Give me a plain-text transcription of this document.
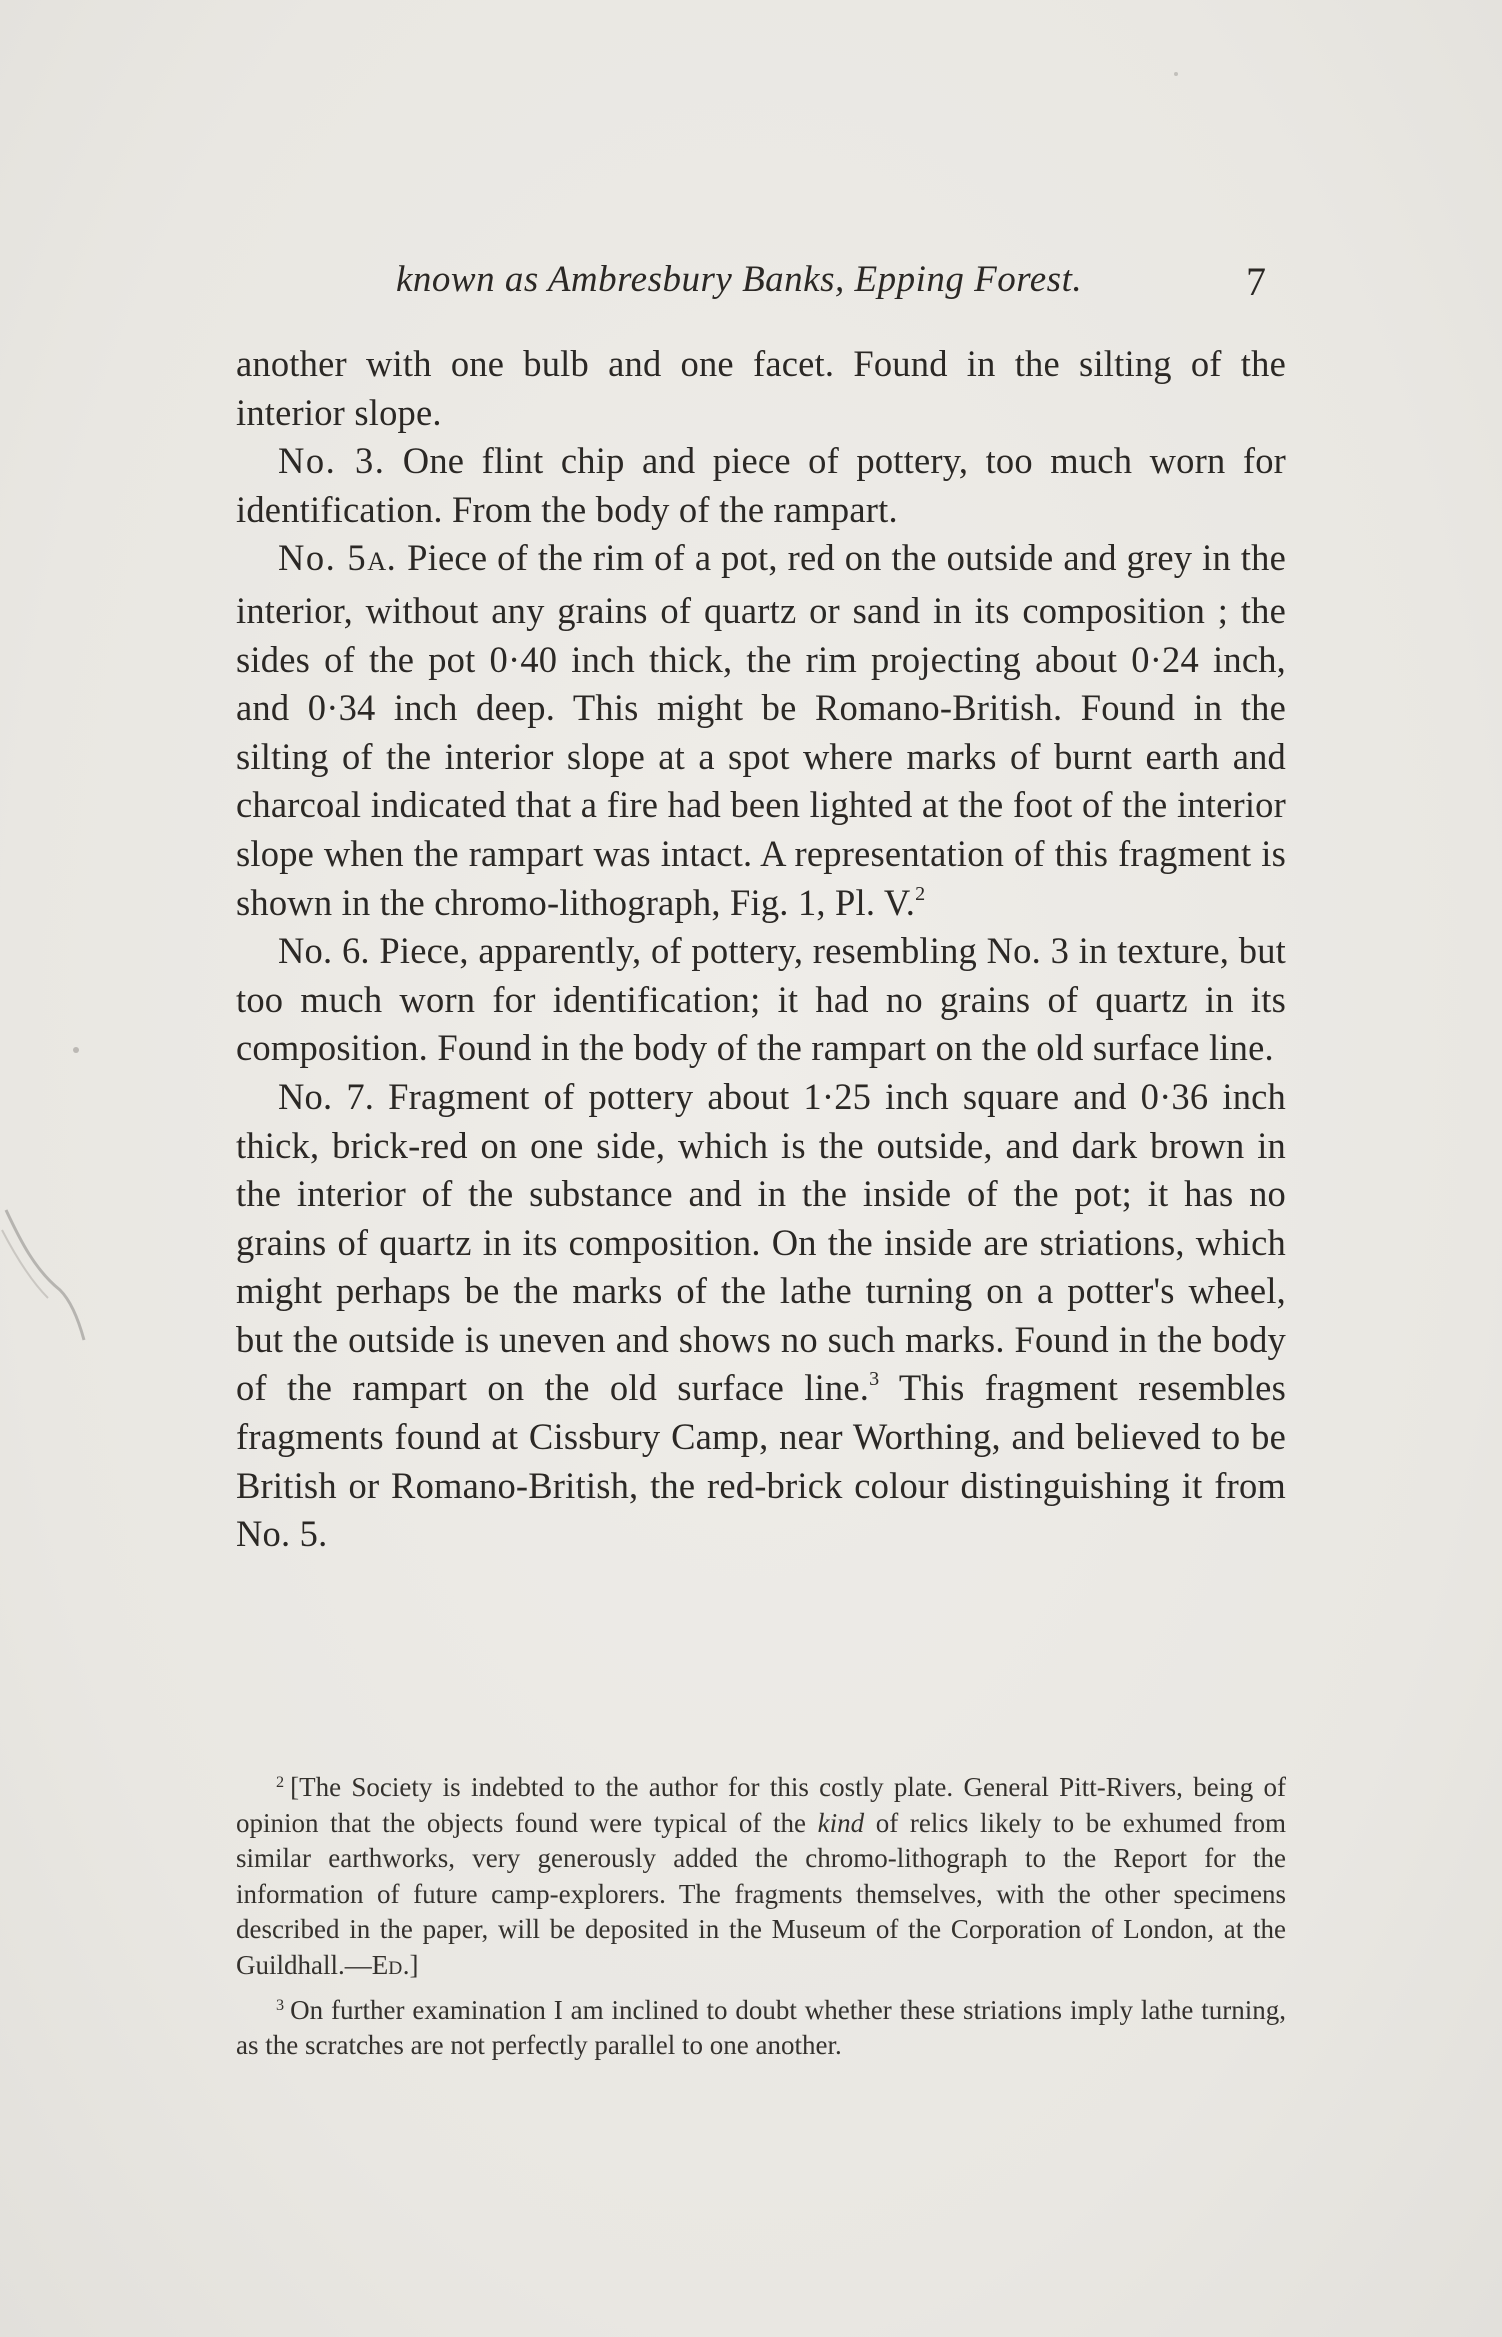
known as Ambresbury Banks, Epping Forest.	7

another with one bulb and one facet. Found in the silting of the interior slope.

No. 3. One flint chip and piece of pottery, too much worn for identification. From the body of the rampart.

No. 5A. Piece of the rim of a pot, red on the outside and grey in the interior, without any grains of quartz or sand in its composition ; the sides of the pot 0·40 inch thick, the rim projecting about 0·24 inch, and 0·34 inch deep. This might be Romano-British. Found in the silting of the interior slope at a spot where marks of burnt earth and charcoal indicated that a fire had been lighted at the foot of the interior slope when the rampart was intact. A representation of this fragment is shown in the chromo-lithograph, Fig. 1, Pl. V.$^2$

No. 6. Piece, apparently, of pottery, resembling No. 3 in texture, but too much worn for identification; it had no grains of quartz in its composition. Found in the body of the rampart on the old surface line.

No. 7. Fragment of pottery about 1·25 inch square and 0·36 inch thick, brick-red on one side, which is the outside, and dark brown in the interior of the substance and in the inside of the pot; it has no grains of quartz in its composition. On the inside are striations, which might perhaps be the marks of the lathe turning on a potter's wheel, but the outside is uneven and shows no such marks. Found in the body of the rampart on the old surface line.$^3$ This fragment resembles fragments found at Cissbury Camp, near Worthing, and believed to be British or Romano-British, the red-brick colour distinguishing it from No. 5.

$^2$ [The Society is indebted to the author for this costly plate. General Pitt-Rivers, being of opinion that the objects found were typical of the kind of relics likely to be exhumed from similar earthworks, very generously added the chromo-lithograph to the Report for the information of future camp-explorers. The fragments themselves, with the other specimens described in the paper, will be deposited in the Museum of the Corporation of London, at the Guildhall.—ED.]

$^3$ On further examination I am inclined to doubt whether these striations imply lathe turning, as the scratches are not perfectly parallel to one another.
